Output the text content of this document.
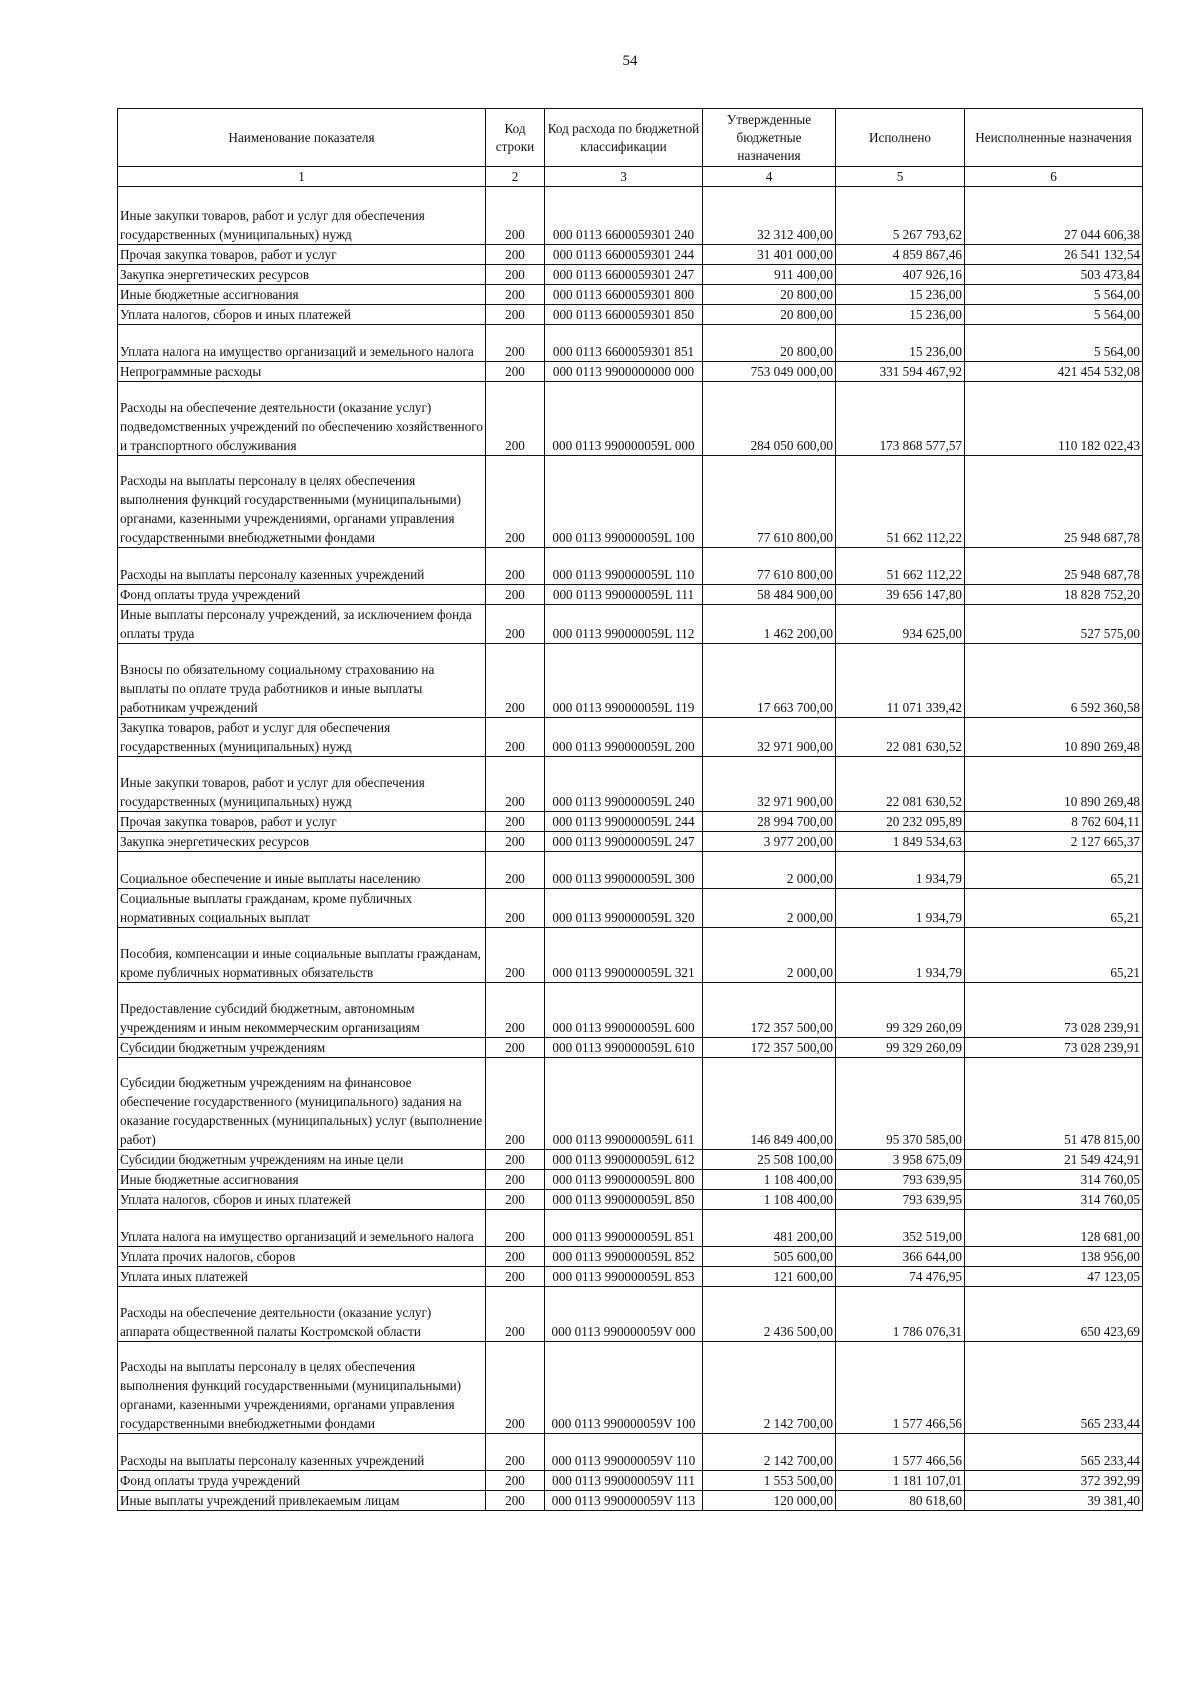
54
Наименование показателя	Код строки	Код расхода по бюджетной классификации	Утвержденные бюджетные назначения	Исполнено	Неисполненные назначения
1	2	3	4	5	6
Иные закупки товаров, работ и услуг для обеспечения государственных (муниципальных) нужд	200	000 0113 6600059301 240	32 312 400,00	5 267 793,62	27 044 606,38
Прочая закупка товаров, работ и услуг	200	000 0113 6600059301 244	31 401 000,00	4 859 867,46	26 541 132,54
Закупка энергетических ресурсов	200	000 0113 6600059301 247	911 400,00	407 926,16	503 473,84
Иные бюджетные ассигнования	200	000 0113 6600059301 800	20 800,00	15 236,00	5 564,00
Уплата налогов, сборов и иных платежей	200	000 0113 6600059301 850	20 800,00	15 236,00	5 564,00
Уплата налога на имущество организаций и земельного налога	200	000 0113 6600059301 851	20 800,00	15 236,00	5 564,00
Непрограммные расходы	200	000 0113 9900000000 000	753 049 000,00	331 594 467,92	421 454 532,08
Расходы на обеспечение деятельности (оказание услуг) подведомственных учреждений по обеспечению хозяйственного и транспортного обслуживания	200	000 0113 990000059L 000	284 050 600,00	173 868 577,57	110 182 022,43
Расходы на выплаты персоналу в целях обеспечения выполнения функций государственными (муниципальными) органами, казенными учреждениями, органами управления государственными внебюджетными фондами	200	000 0113 990000059L 100	77 610 800,00	51 662 112,22	25 948 687,78
Расходы на выплаты персоналу казенных учреждений	200	000 0113 990000059L 110	77 610 800,00	51 662 112,22	25 948 687,78
Фонд оплаты труда учреждений	200	000 0113 990000059L 111	58 484 900,00	39 656 147,80	18 828 752,20
Иные выплаты персоналу учреждений, за исключением фонда оплаты труда	200	000 0113 990000059L 112	1 462 200,00	934 625,00	527 575,00
Взносы по обязательному социальному страхованию на выплаты по оплате труда работников и иные выплаты работникам учреждений	200	000 0113 990000059L 119	17 663 700,00	11 071 339,42	6 592 360,58
Закупка товаров, работ и услуг для обеспечения государственных (муниципальных) нужд	200	000 0113 990000059L 200	32 971 900,00	22 081 630,52	10 890 269,48
Иные закупки товаров, работ и услуг для обеспечения государственных (муниципальных) нужд	200	000 0113 990000059L 240	32 971 900,00	22 081 630,52	10 890 269,48
Прочая закупка товаров, работ и услуг	200	000 0113 990000059L 244	28 994 700,00	20 232 095,89	8 762 604,11
Закупка энергетических ресурсов	200	000 0113 990000059L 247	3 977 200,00	1 849 534,63	2 127 665,37
Социальное обеспечение и иные выплаты населению	200	000 0113 990000059L 300	2 000,00	1 934,79	65,21
Социальные выплаты гражданам, кроме публичных нормативных социальных выплат	200	000 0113 990000059L 320	2 000,00	1 934,79	65,21
Пособия, компенсации и иные социальные выплаты гражданам, кроме публичных нормативных обязательств	200	000 0113 990000059L 321	2 000,00	1 934,79	65,21
Предоставление субсидий бюджетным, автономным учреждениям и иным некоммерческим организациям	200	000 0113 990000059L 600	172 357 500,00	99 329 260,09	73 028 239,91
Субсидии бюджетным учреждениям	200	000 0113 990000059L 610	172 357 500,00	99 329 260,09	73 028 239,91
Субсидии бюджетным учреждениям на финансовое обеспечение государственного (муниципального) задания на оказание государственных (муниципальных) услуг (выполнение работ)	200	000 0113 990000059L 611	146 849 400,00	95 370 585,00	51 478 815,00
Субсидии бюджетным учреждениям на иные цели	200	000 0113 990000059L 612	25 508 100,00	3 958 675,09	21 549 424,91
Иные бюджетные ассигнования	200	000 0113 990000059L 800	1 108 400,00	793 639,95	314 760,05
Уплата налогов, сборов и иных платежей	200	000 0113 990000059L 850	1 108 400,00	793 639,95	314 760,05
Уплата налога на имущество организаций и земельного налога	200	000 0113 990000059L 851	481 200,00	352 519,00	128 681,00
Уплата прочих налогов, сборов	200	000 0113 990000059L 852	505 600,00	366 644,00	138 956,00
Уплата иных платежей	200	000 0113 990000059L 853	121 600,00	74 476,95	47 123,05
Расходы на обеспечение деятельности (оказание услуг) аппарата общественной палаты Костромской области	200	000 0113 990000059V 000	2 436 500,00	1 786 076,31	650 423,69
Расходы на выплаты персоналу в целях обеспечения выполнения функций государственными (муниципальными) органами, казенными учреждениями, органами управления государственными внебюджетными фондами	200	000 0113 990000059V 100	2 142 700,00	1 577 466,56	565 233,44
Расходы на выплаты персоналу казенных учреждений	200	000 0113 990000059V 110	2 142 700,00	1 577 466,56	565 233,44
Фонд оплаты труда учреждений	200	000 0113 990000059V 111	1 553 500,00	1 181 107,01	372 392,99
Иные выплаты учреждений привлекаемым лицам	200	000 0113 990000059V 113	120 000,00	80 618,60	39 381,40
